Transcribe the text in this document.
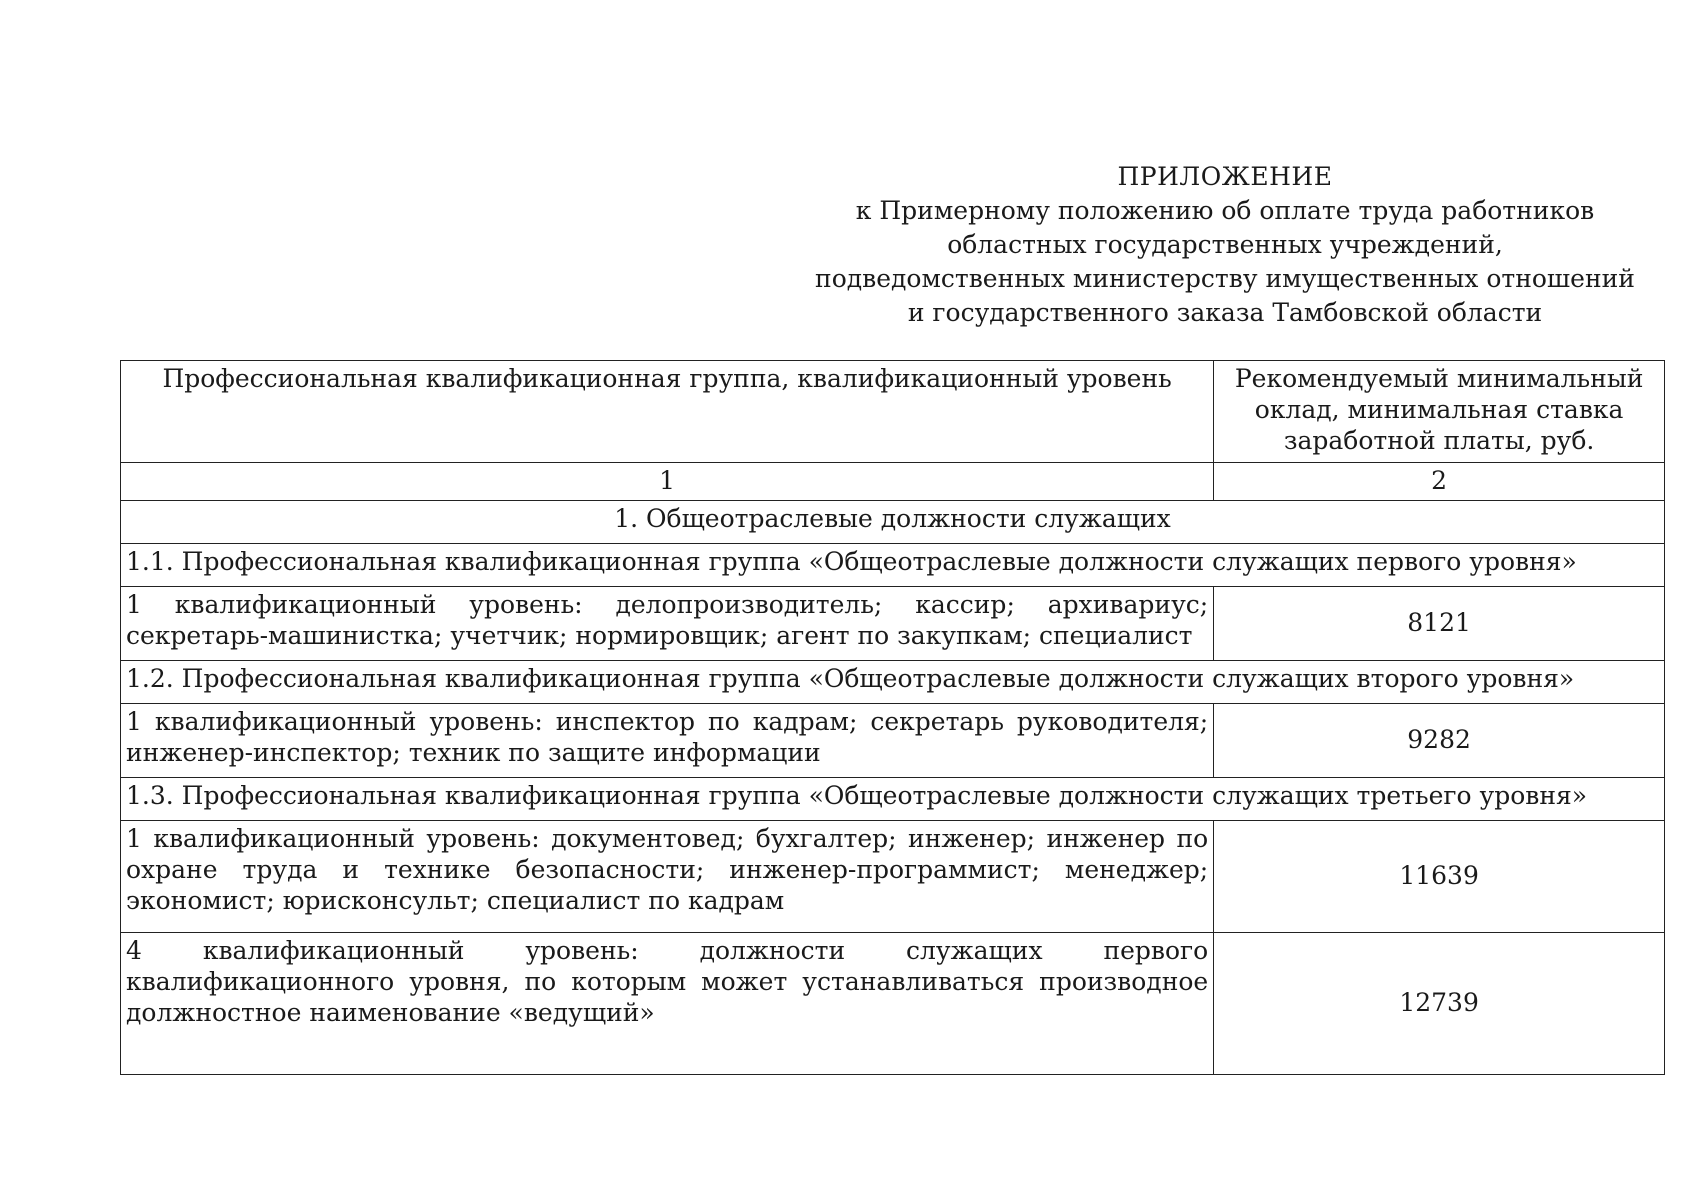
ПРИЛОЖЕНИЕ
к Примерному положению об оплате труда работников
областных государственных учреждений,
подведомственных министерству имущественных отношений
и государственного заказа Тамбовской области
Профессиональная квалификационная группа, квалификационный уровень	Рекомендуемый минимальный оклад, минимальная ставка заработной платы, руб.
1	2
1. Общеотраслевые должности служащих	
1.1. Профессиональная квалификационная группа «Общеотраслевые должности служащих первого уровня»	
1 квалификационный уровень: делопроизводитель; кассир; архивариус; секретарь-машинистка; учетчик; нормировщик; агент по закупкам; специалист	8121
1.2. Профессиональная квалификационная группа «Общеотраслевые должности служащих второго уровня»	
1 квалификационный уровень: инспектор по кадрам; секретарь руководителя; инженер-инспектор; техник по защите информации	9282
1.3. Профессиональная квалификационная группа «Общеотраслевые должности служащих третьего уровня»	
1 квалификационный уровень: документовед; бухгалтер; инженер; инженер по охране труда и технике безопасности; инженер-программист; менеджер; экономист; юрисконсульт; специалист по кадрам	11639
4 квалификационный уровень: должности служащих первого квалификационного уровня, по которым может устанавливаться производное должностное наименование «ведущий»	12739
